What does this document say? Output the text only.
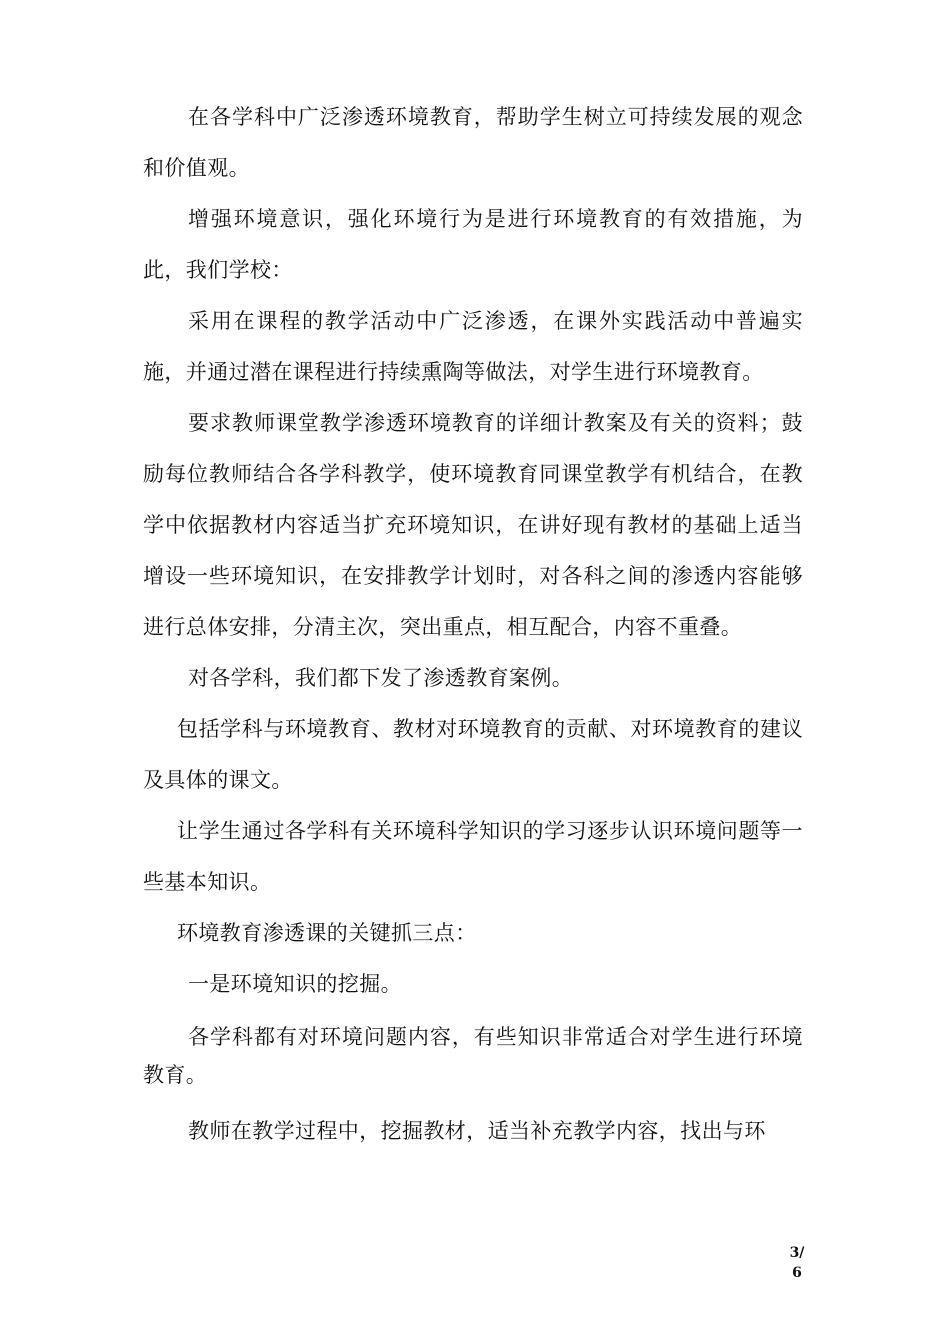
在各学科中广泛渗透环境教育，帮助学生树立可持续发展的观念和价值观。

增强环境意识，强化环境行为是进行环境教育的有效措施，为此，我们学校：

采用在课程的教学活动中广泛渗透，在课外实践活动中普遍实施，并通过潜在课程进行持续熏陶等做法，对学生进行环境教育。

要求教师课堂教学渗透环境教育的详细计教案及有关的资料；鼓励每位教师结合各学科教学，使环境教育同课堂教学有机结合，在教学中依据教材内容适当扩充环境知识，在讲好现有教材的基础上适当增设一些环境知识，在安排教学计划时，对各科之间的渗透内容能够进行总体安排，分清主次，突出重点，相互配合，内容不重叠。

对各学科，我们都下发了渗透教育案例。

包括学科与环境教育、教材对环境教育的贡献、对环境教育的建议及具体的课文。

让学生通过各学科有关环境科学知识的学习逐步认识环境问题等一些基本知识。

环境教育渗透课的关键抓三点：

一是环境知识的挖掘。

各学科都有对环境问题内容，有些知识非常适合对学生进行环境教育。

教师在教学过程中，挖掘教材，适当补充教学内容，找出与环

3/6
